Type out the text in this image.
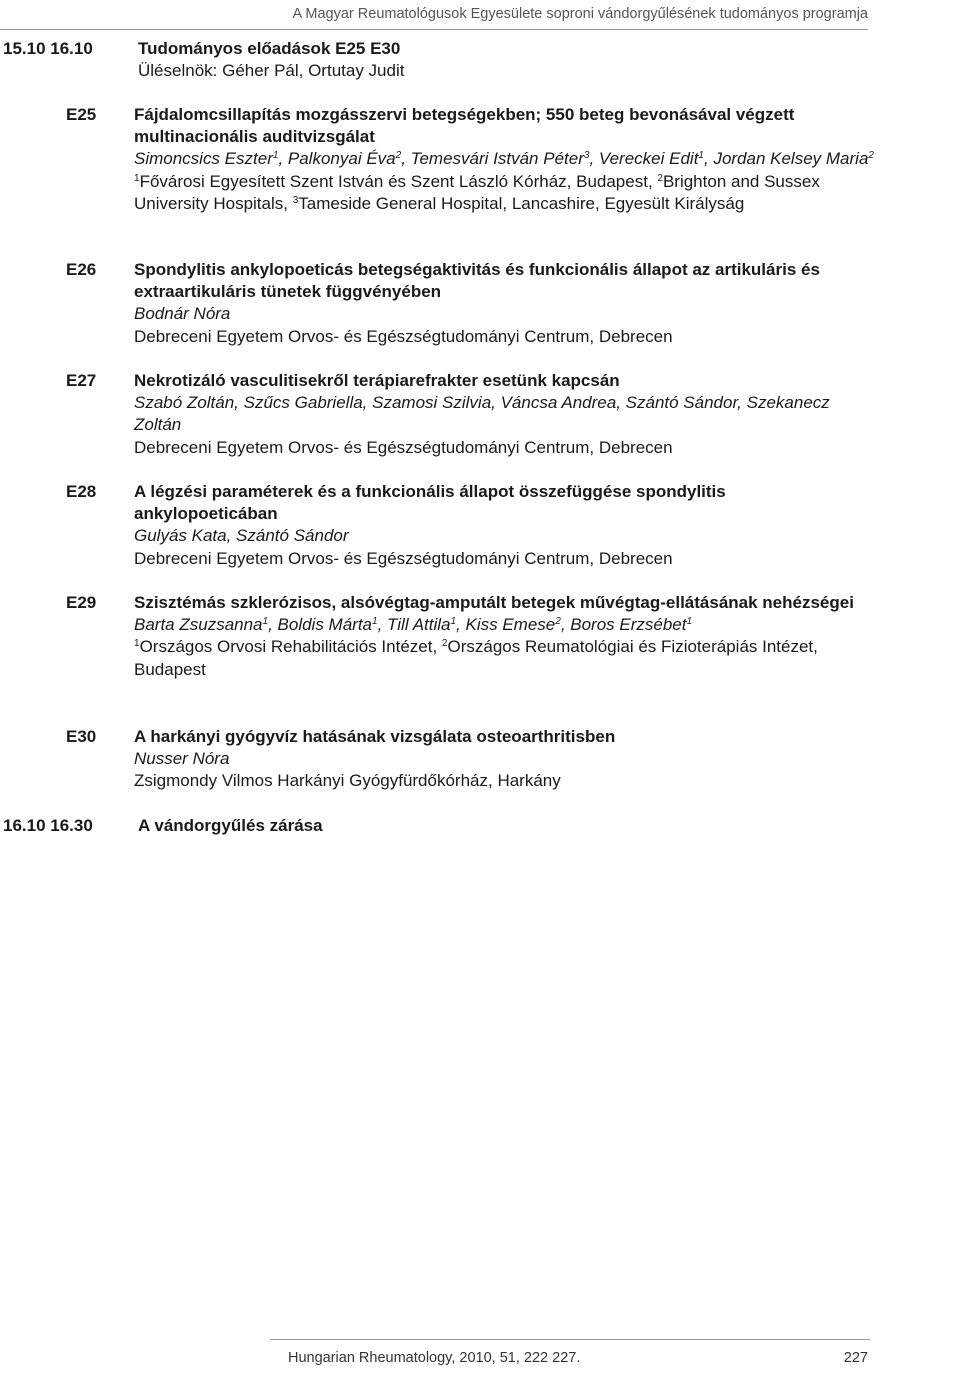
A Magyar Reumatológusok Egyesülete soproni vándorgyűlésének tudományos programja
15.10 16.10	Tudományos előadások E25 E30
Üléselnök: Géher Pál, Ortutay Judit
E25 Fájdalomcsillapítás mozgásszervi betegségekben; 550 beteg bevonásával végzett multinacionális auditvizsgálat
Simoncsics Eszter$^1$, Palkonyai Éva$^2$, Temesvári István Péter$^3$, Vereckei Edit$^1$, Jordan Kelsey Maria$^2$
$^1$Fővárosi Egyesített Szent István és Szent László Kórház, Budapest, $^2$Brighton and Sussex University Hospitals, $^3$Tameside General Hospital, Lancashire, Egyesült Királyság
E26 Spondylitis ankylopoeticás betegségaktivitás és funkcionális állapot az artikuláris és extraartikuláris tünetek függvényében
Bodnár Nóra
Debreceni Egyetem Orvos- és Egészségtudományi Centrum, Debrecen
E27 Nekrotizáló vasculitisekről terápiarefrakter esetünk kapcsán
Szabó Zoltán, Szűcs Gabriella, Szamosi Szilvia, Váncsa Andrea, Szántó Sándor, Szekanecz Zoltán
Debreceni Egyetem Orvos- és Egészségtudományi Centrum, Debrecen
E28 A légzési paraméterek és a funkcionális állapot összefüggése spondylitis ankylopoeticában
Gulyás Kata, Szántó Sándor
Debreceni Egyetem Orvos- és Egészségtudományi Centrum, Debrecen
E29 Szisztémás szklerózisos, alsóvégtag-amputált betegek művégtag-ellátásának nehézségei
Barta Zsuzsanna$^1$, Boldis Márta$^1$, Till Attila$^1$, Kiss Emese$^2$, Boros Erzsébet$^1$
$^1$Országos Orvosi Rehabilitációs Intézet, $^2$Országos Reumatológiai és Fizioterápiás Intézet, Budapest
E30 A harkányi gyógyvíz hatásának vizsgálata osteoarthritisben
Nusser Nóra
Zsigmondy Vilmos Harkányi Gyógyfürdőkórház, Harkány
16.10 16.30	A vándorgyűlés zárása
Hungarian Rheumatology, 2010, 51, 222 227.	227
